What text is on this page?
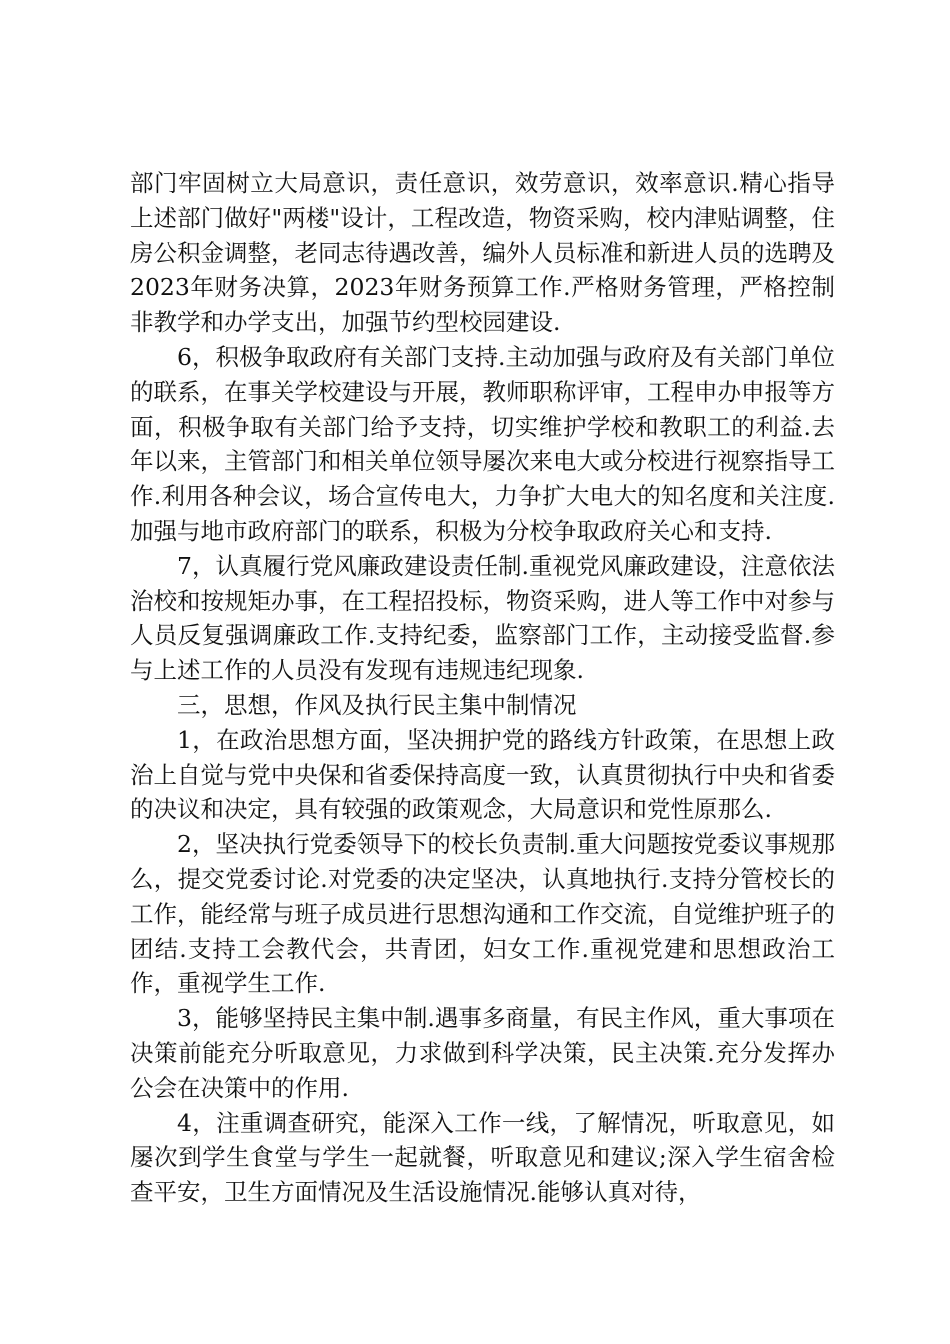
部门牢固树立大局意识，责任意识，效劳意识，效率意识.精心指导上述部门做好"两楼"设计，工程改造，物资采购，校内津贴调整，住房公积金调整，老同志待遇改善，编外人员标准和新进人员的选聘及2023年财务决算，2023年财务预算工作.严格财务管理，严格控制非教学和办学支出，加强节约型校园建设.

6，积极争取政府有关部门支持.主动加强与政府及有关部门单位的联系，在事关学校建设与开展，教师职称评审，工程申办申报等方面，积极争取有关部门给予支持，切实维护学校和教职工的利益.去年以来，主管部门和相关单位领导屡次来电大或分校进行视察指导工作.利用各种会议，场合宣传电大，力争扩大电大的知名度和关注度.加强与地市政府部门的联系，积极为分校争取政府关心和支持.

7，认真履行党风廉政建设责任制.重视党风廉政建设，注意依法治校和按规矩办事，在工程招投标，物资采购，进人等工作中对参与人员反复强调廉政工作.支持纪委，监察部门工作，主动接受监督.参与上述工作的人员没有发现有违规违纪现象.

三，思想，作风及执行民主集中制情况

1，在政治思想方面，坚决拥护党的路线方针政策，在思想上政治上自觉与党中央保和省委保持高度一致，认真贯彻执行中央和省委的决议和决定，具有较强的政策观念，大局意识和党性原那么.

2，坚决执行党委领导下的校长负责制.重大问题按党委议事规那么，提交党委讨论.对党委的决定坚决，认真地执行.支持分管校长的工作，能经常与班子成员进行思想沟通和工作交流，自觉维护班子的团结.支持工会教代会，共青团，妇女工作.重视党建和思想政治工作，重视学生工作.

3，能够坚持民主集中制.遇事多商量，有民主作风，重大事项在决策前能充分听取意见，力求做到科学决策，民主决策.充分发挥办公会在决策中的作用.

4，注重调查研究，能深入工作一线，了解情况，听取意见，如屡次到学生食堂与学生一起就餐，听取意见和建议;深入学生宿舍检查平安，卫生方面情况及生活设施情况.能够认真对待，
